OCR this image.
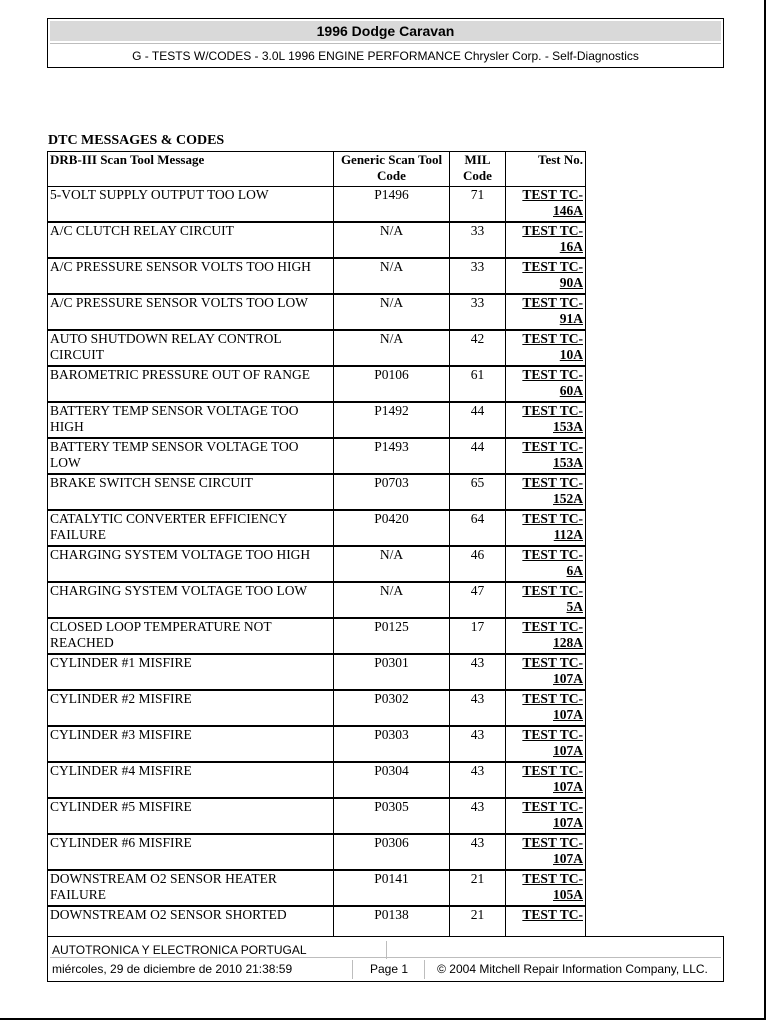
1996 Dodge Caravan
G - TESTS W/CODES - 3.0L 1996 ENGINE PERFORMANCE Chrysler Corp. - Self-Diagnostics
DTC MESSAGES & CODES
DRB-III Scan Tool Message	Generic Scan Tool Code	MIL Code	Test No.
5-VOLT SUPPLY OUTPUT TOO LOW	P1496	71	TEST TC-146A
A/C CLUTCH RELAY CIRCUIT	N/A	33	TEST TC-16A
A/C PRESSURE SENSOR VOLTS TOO HIGH	N/A	33	TEST TC-90A
A/C PRESSURE SENSOR VOLTS TOO LOW	N/A	33	TEST TC-91A
AUTO SHUTDOWN RELAY CONTROL CIRCUIT	N/A	42	TEST TC-10A
BAROMETRIC PRESSURE OUT OF RANGE	P0106	61	TEST TC-60A
BATTERY TEMP SENSOR VOLTAGE TOO HIGH	P1492	44	TEST TC-153A
BATTERY TEMP SENSOR VOLTAGE TOO LOW	P1493	44	TEST TC-153A
BRAKE SWITCH SENSE CIRCUIT	P0703	65	TEST TC-152A
CATALYTIC CONVERTER EFFICIENCY FAILURE	P0420	64	TEST TC-112A
CHARGING SYSTEM VOLTAGE TOO HIGH	N/A	46	TEST TC-6A
CHARGING SYSTEM VOLTAGE TOO LOW	N/A	47	TEST TC-5A
CLOSED LOOP TEMPERATURE NOT REACHED	P0125	17	TEST TC-128A
CYLINDER #1 MISFIRE	P0301	43	TEST TC-107A
CYLINDER #2 MISFIRE	P0302	43	TEST TC-107A
CYLINDER #3 MISFIRE	P0303	43	TEST TC-107A
CYLINDER #4 MISFIRE	P0304	43	TEST TC-107A
CYLINDER #5 MISFIRE	P0305	43	TEST TC-107A
CYLINDER #6 MISFIRE	P0306	43	TEST TC-107A
DOWNSTREAM O2 SENSOR HEATER FAILURE	P0141	21	TEST TC-105A
DOWNSTREAM O2 SENSOR SHORTED	P0138	21	TEST TC-
AUTOTRONICA Y ELECTRONICA PORTUGAL
miércoles, 29 de diciembre de 2010 21:38:59	Page 1	© 2004 Mitchell Repair Information Company, LLC.
